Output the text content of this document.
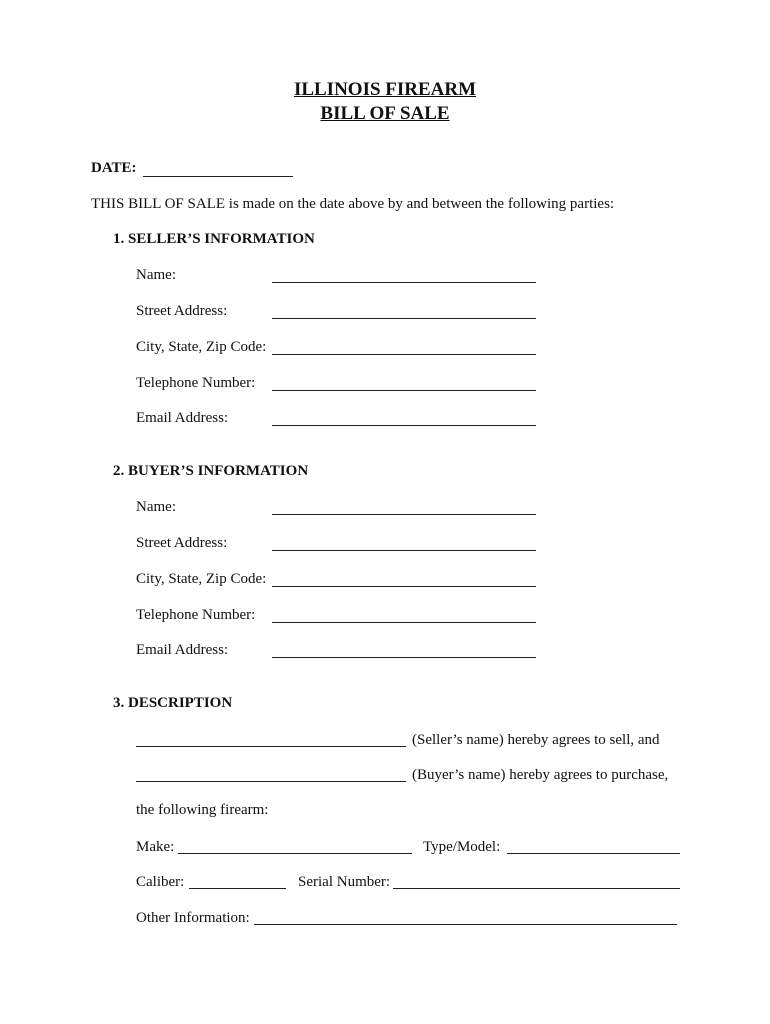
ILLINOIS FIREARM
BILL OF SALE
DATE:
THIS BILL OF SALE is made on the date above by and between the following parties:
1. SELLER’S INFORMATION
Name:
Street Address:
City, State, Zip Code:
Telephone Number:
Email Address:
2. BUYER’S INFORMATION
Name:
Street Address:
City, State, Zip Code:
Telephone Number:
Email Address:
3. DESCRIPTION
(Seller’s name) hereby agrees to sell, and
(Buyer’s name) hereby agrees to purchase,
the following firearm:
Make:	Type/Model:
Caliber:	Serial Number:
Other Information:
